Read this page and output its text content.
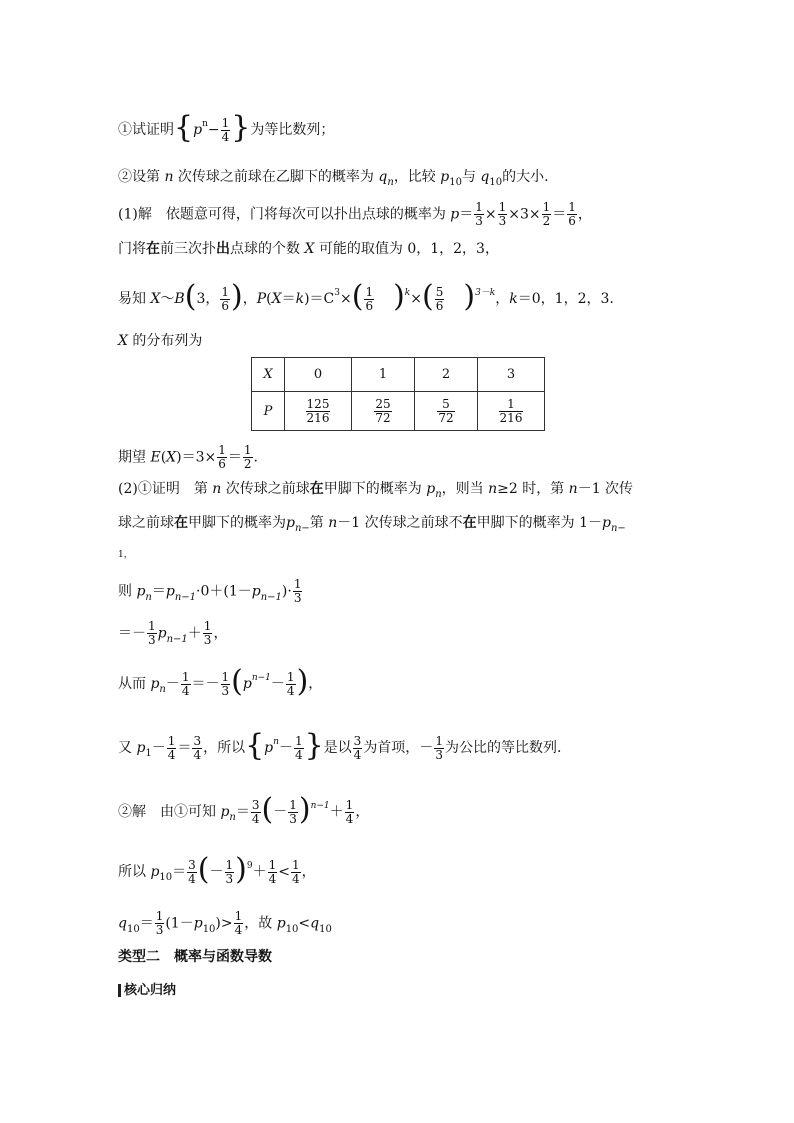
①试证明{$p^n- \frac{1}{4}$ }为等比数列；
②设第 n 次传球之前球在乙脚下的概率为 $q_n$，比较 $p_{10}$与 $q_{10}$的大小.
(1)解　依题意可得，门将每次可以扑出点球的概率为 $p= \frac{1}{3} \times \frac{1}{3} \times 3\times \frac{1}{2} = \frac{1}{6}$ ，
门将在前三次扑出点球的个数 X 可能的取值为 0，1，2，3，
易知 X～B(3， $\frac{1}{6}$ )，$P(X=k)=C^3\times( \frac{1}{6} )^k\times( \frac{5}{6} )^{3-k}$，k＝0，1，2，3.
X 的分布列为
X	0	1	2	3
P	$\frac{125}{216}$	$\frac{25}{72}$	$\frac{5}{72}$	$\frac{1}{216}$
期望 $E(X)=3\times \frac{1}{6} = \frac{1}{2}$ .
(2)①证明　第 n 次传球之前球在甲脚下的概率为 $p_n$，则当 n≥2 时，第 n－1 次传
球之前球在甲脚下的概率为$p_{n-}$第 n－1 次传球之前球不在甲脚下的概率为 $1-p_{n-}$
1，
则 $p_n=p_{n-1}\cdot 0+(1-p_{n-1})\cdot \frac{1}{3}$
＝－ $\frac{1}{3} p_{n-1}+ \frac{1}{3}$ ，
从而 $p_n- \frac{1}{4} =- \frac{1}{3} (p^{n-1}- \frac{1}{4}$ )，
又 $p_1- \frac{1}{4} = \frac{3}{4}$ ，所以{$p^n- \frac{1}{4}$ }是以 $\frac{3}{4}$ 为首项，－ $\frac{1}{3}$ 为公比的等比数列.
②解　由①可知 $p_n= \frac{3}{4}$ (－ $\frac{1}{3} )^{n-1}+ \frac{1}{4}$ ，
所以 $p_{10}= \frac{3}{4}$ (－ $\frac{1}{3} )^9+ \frac{1}{4} < \frac{1}{4}$ ，
$q_{10}= \frac{1}{3} (1-p_{10})> \frac{1}{4}$ ，故 $p_{10}<q_{10}$
类型二　概率与函数导数
核心归纳
